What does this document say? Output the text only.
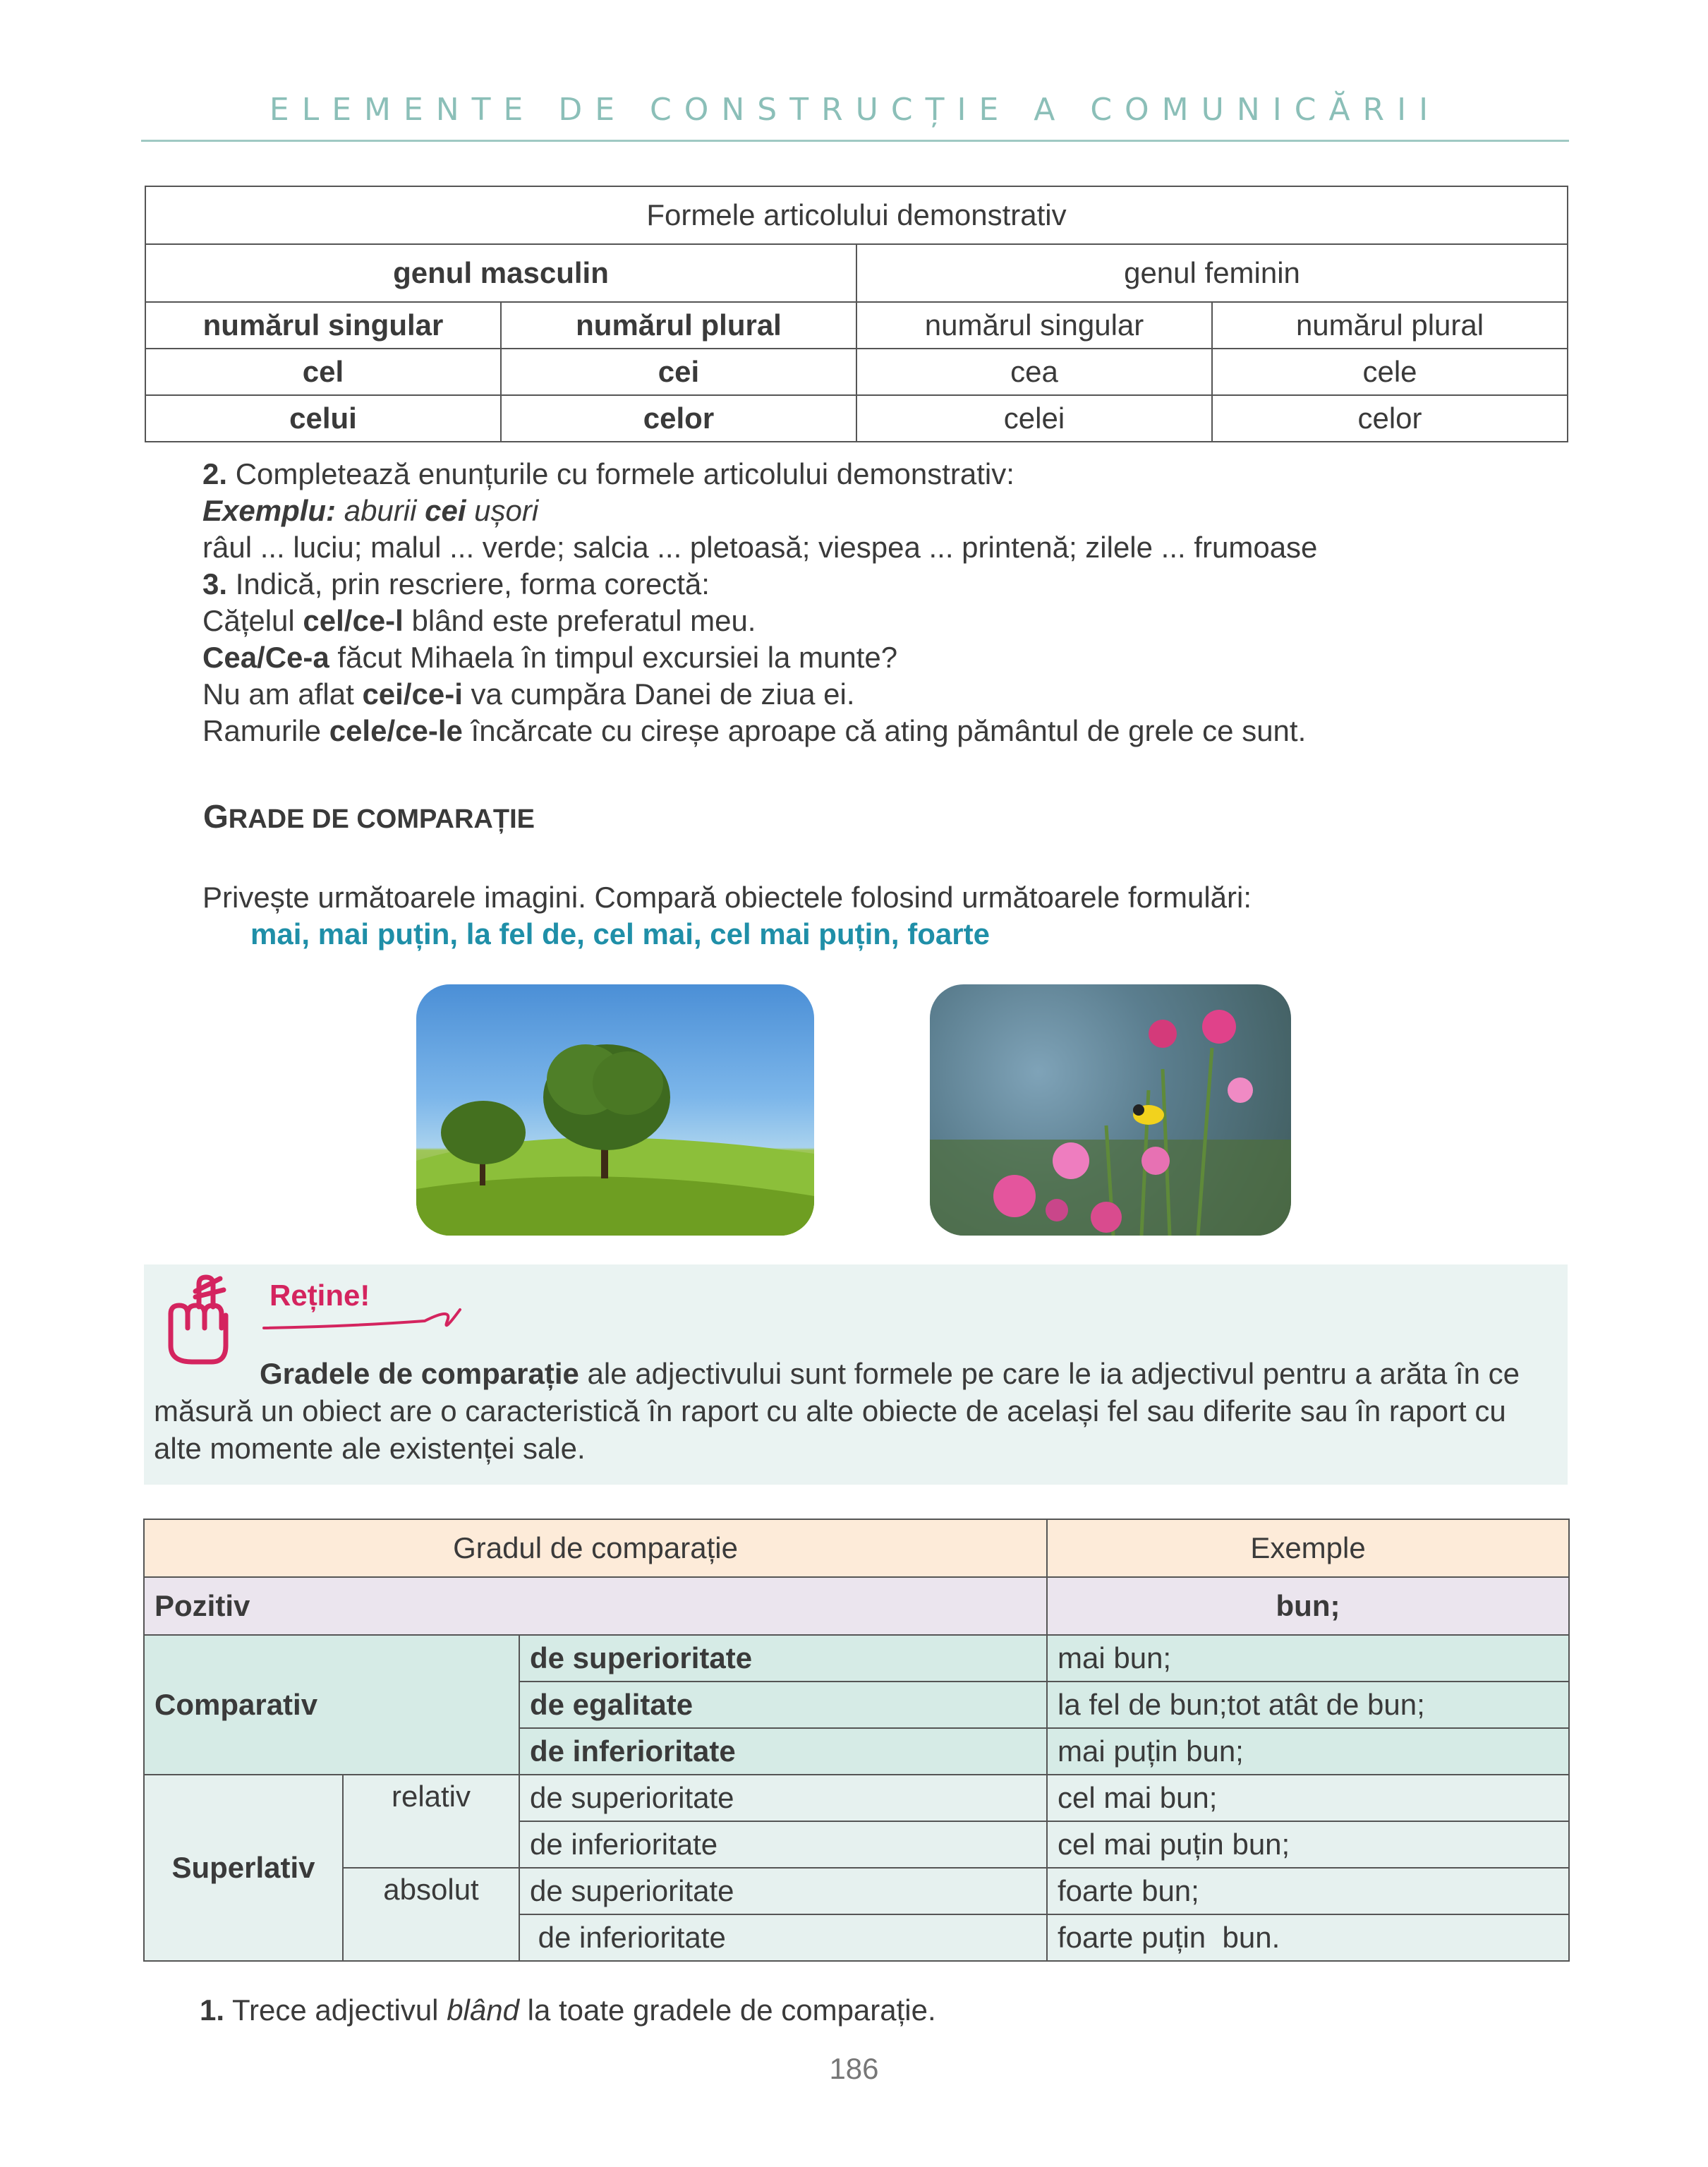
ELEMENTE DE CONSTRUCȚIE A COMUNICĂRII
Formele articolului demonstrativ			
genul masculin		genul feminin	
numărul singular	numărul plural	numărul singular	numărul plural
cel	cei	cea	cele
celui	celor	celei	celor
2. Completează enunțurile cu formele articolului demonstrativ:
Exemplu: aburii cei ușori
râul ... luciu; malul ... verde; salcia ... pletoasă; viespea ... printenă; zilele ... frumoase
3. Indică, prin rescriere, forma corectă:
Cățelul cel/ce-l blând este preferatul meu.
Cea/Ce-a făcut Mihaela în timpul excursiei la munte?
Nu am aflat cei/ce-i va cumpăra Danei de ziua ei.
Ramurile cele/ce-le încărcate cu cireșe aproape că ating pământul de grele ce sunt.
GRADE DE COMPARAȚIE
Privește următoarele imagini. Compară obiectele folosind următoarele formulări:
mai, mai puțin, la fel de, cel mai, cel mai puțin, foarte
Reține!
Gradele de comparație ale adjectivului sunt formele pe care le ia adjectivul pentru a arăta în ce măsură un obiect are o caracteristică în raport cu alte obiecte de același fel sau diferite sau în raport cu alte momente ale existenței sale.
Gradul de comparație			Exemple
Pozitiv			bun;
Comparativ		de superioritate	mai bun;
		de egalitate	la fel de bun;tot atât de bun;
		de inferioritate	mai puțin bun;
Superlativ	relativ	de superioritate	cel mai bun;
		de inferioritate	cel mai puțin bun;
	absolut	de superioritate	foarte bun;
		de inferioritate	foarte puțin  bun.
1. Trece adjectivul blând la toate gradele de comparație.
186
